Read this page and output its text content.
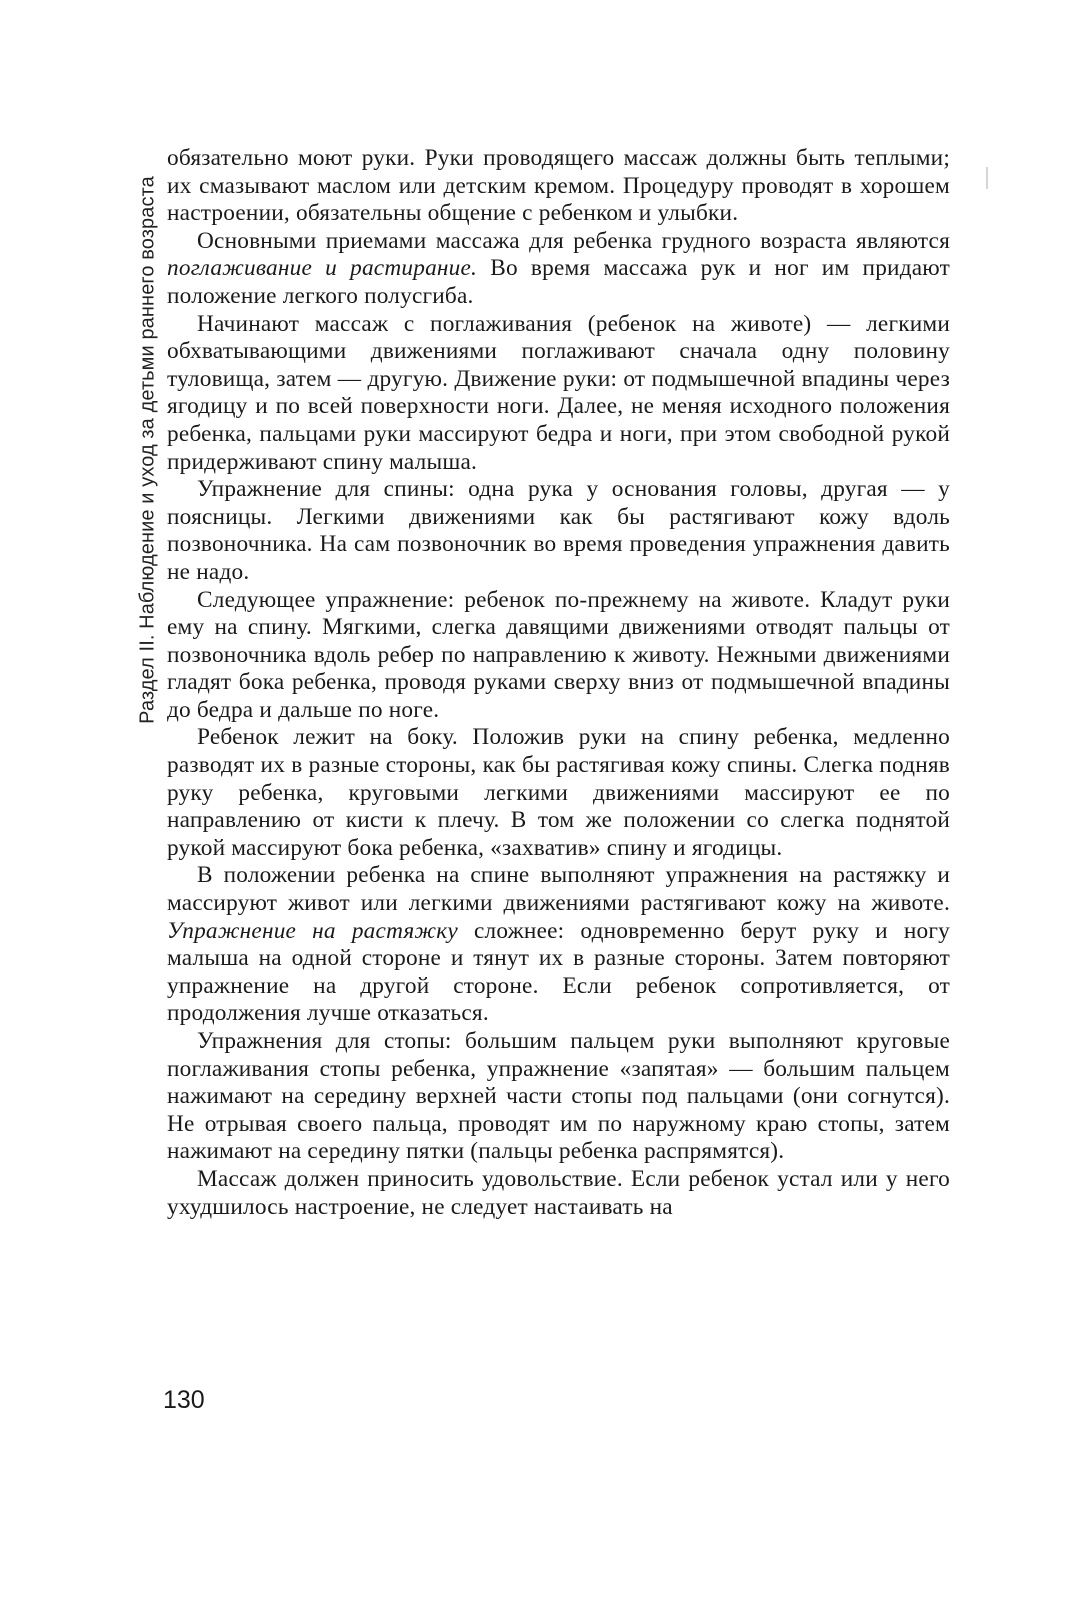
Раздел II. Наблюдение и уход за детьми раннего возраста

обязательно моют руки. Руки проводящего массаж должны быть теплыми; их смазывают маслом или детским кремом. Процедуру проводят в хорошем настроении, обязательны общение с ребенком и улыбки.

Основными приемами массажа для ребенка грудного возраста являются поглаживание и растирание. Во время массажа рук и ног им придают положение легкого полусгиба.

Начинают массаж с поглаживания (ребенок на животе) — легкими обхватывающими движениями поглаживают сначала одну половину туловища, затем — другую. Движение руки: от подмышечной впадины через ягодицу и по всей поверхности ноги. Далее, не меняя исходного положения ребенка, пальцами руки массируют бедра и ноги, при этом свободной рукой придерживают спину малыша.

Упражнение для спины: одна рука у основания головы, другая — у поясницы. Легкими движениями как бы растягивают кожу вдоль позвоночника. На сам позвоночник во время проведения упражнения давить не надо.

Следующее упражнение: ребенок по-прежнему на животе. Кладут руки ему на спину. Мягкими, слегка давящими движениями отводят пальцы от позвоночника вдоль ребер по направлению к животу. Нежными движениями гладят бока ребенка, проводя руками сверху вниз от подмышечной впадины до бедра и дальше по ноге.

Ребенок лежит на боку. Положив руки на спину ребенка, медленно разводят их в разные стороны, как бы растягивая кожу спины. Слегка подняв руку ребенка, круговыми легкими движениями массируют ее по направлению от кисти к плечу. В том же положении со слегка поднятой рукой массируют бока ребенка, «захватив» спину и ягодицы.

В положении ребенка на спине выполняют упражнения на растяжку и массируют живот или легкими движениями растягивают кожу на животе. Упражнение на растяжку сложнее: одновременно берут руку и ногу малыша на одной стороне и тянут их в разные стороны. Затем повторяют упражнение на другой стороне. Если ребенок сопротивляется, от продолжения лучше отказаться.

Упражнения для стопы: большим пальцем руки выполняют круговые поглаживания стопы ребенка, упражнение «запятая» — большим пальцем нажимают на середину верхней части стопы под пальцами (они согнутся). Не отрывая своего пальца, проводят им по наружному краю стопы, затем нажимают на середину пятки (пальцы ребенка распрямятся).

Массаж должен приносить удовольствие. Если ребенок устал или у него ухудшилось настроение, не следует настаивать на

130
